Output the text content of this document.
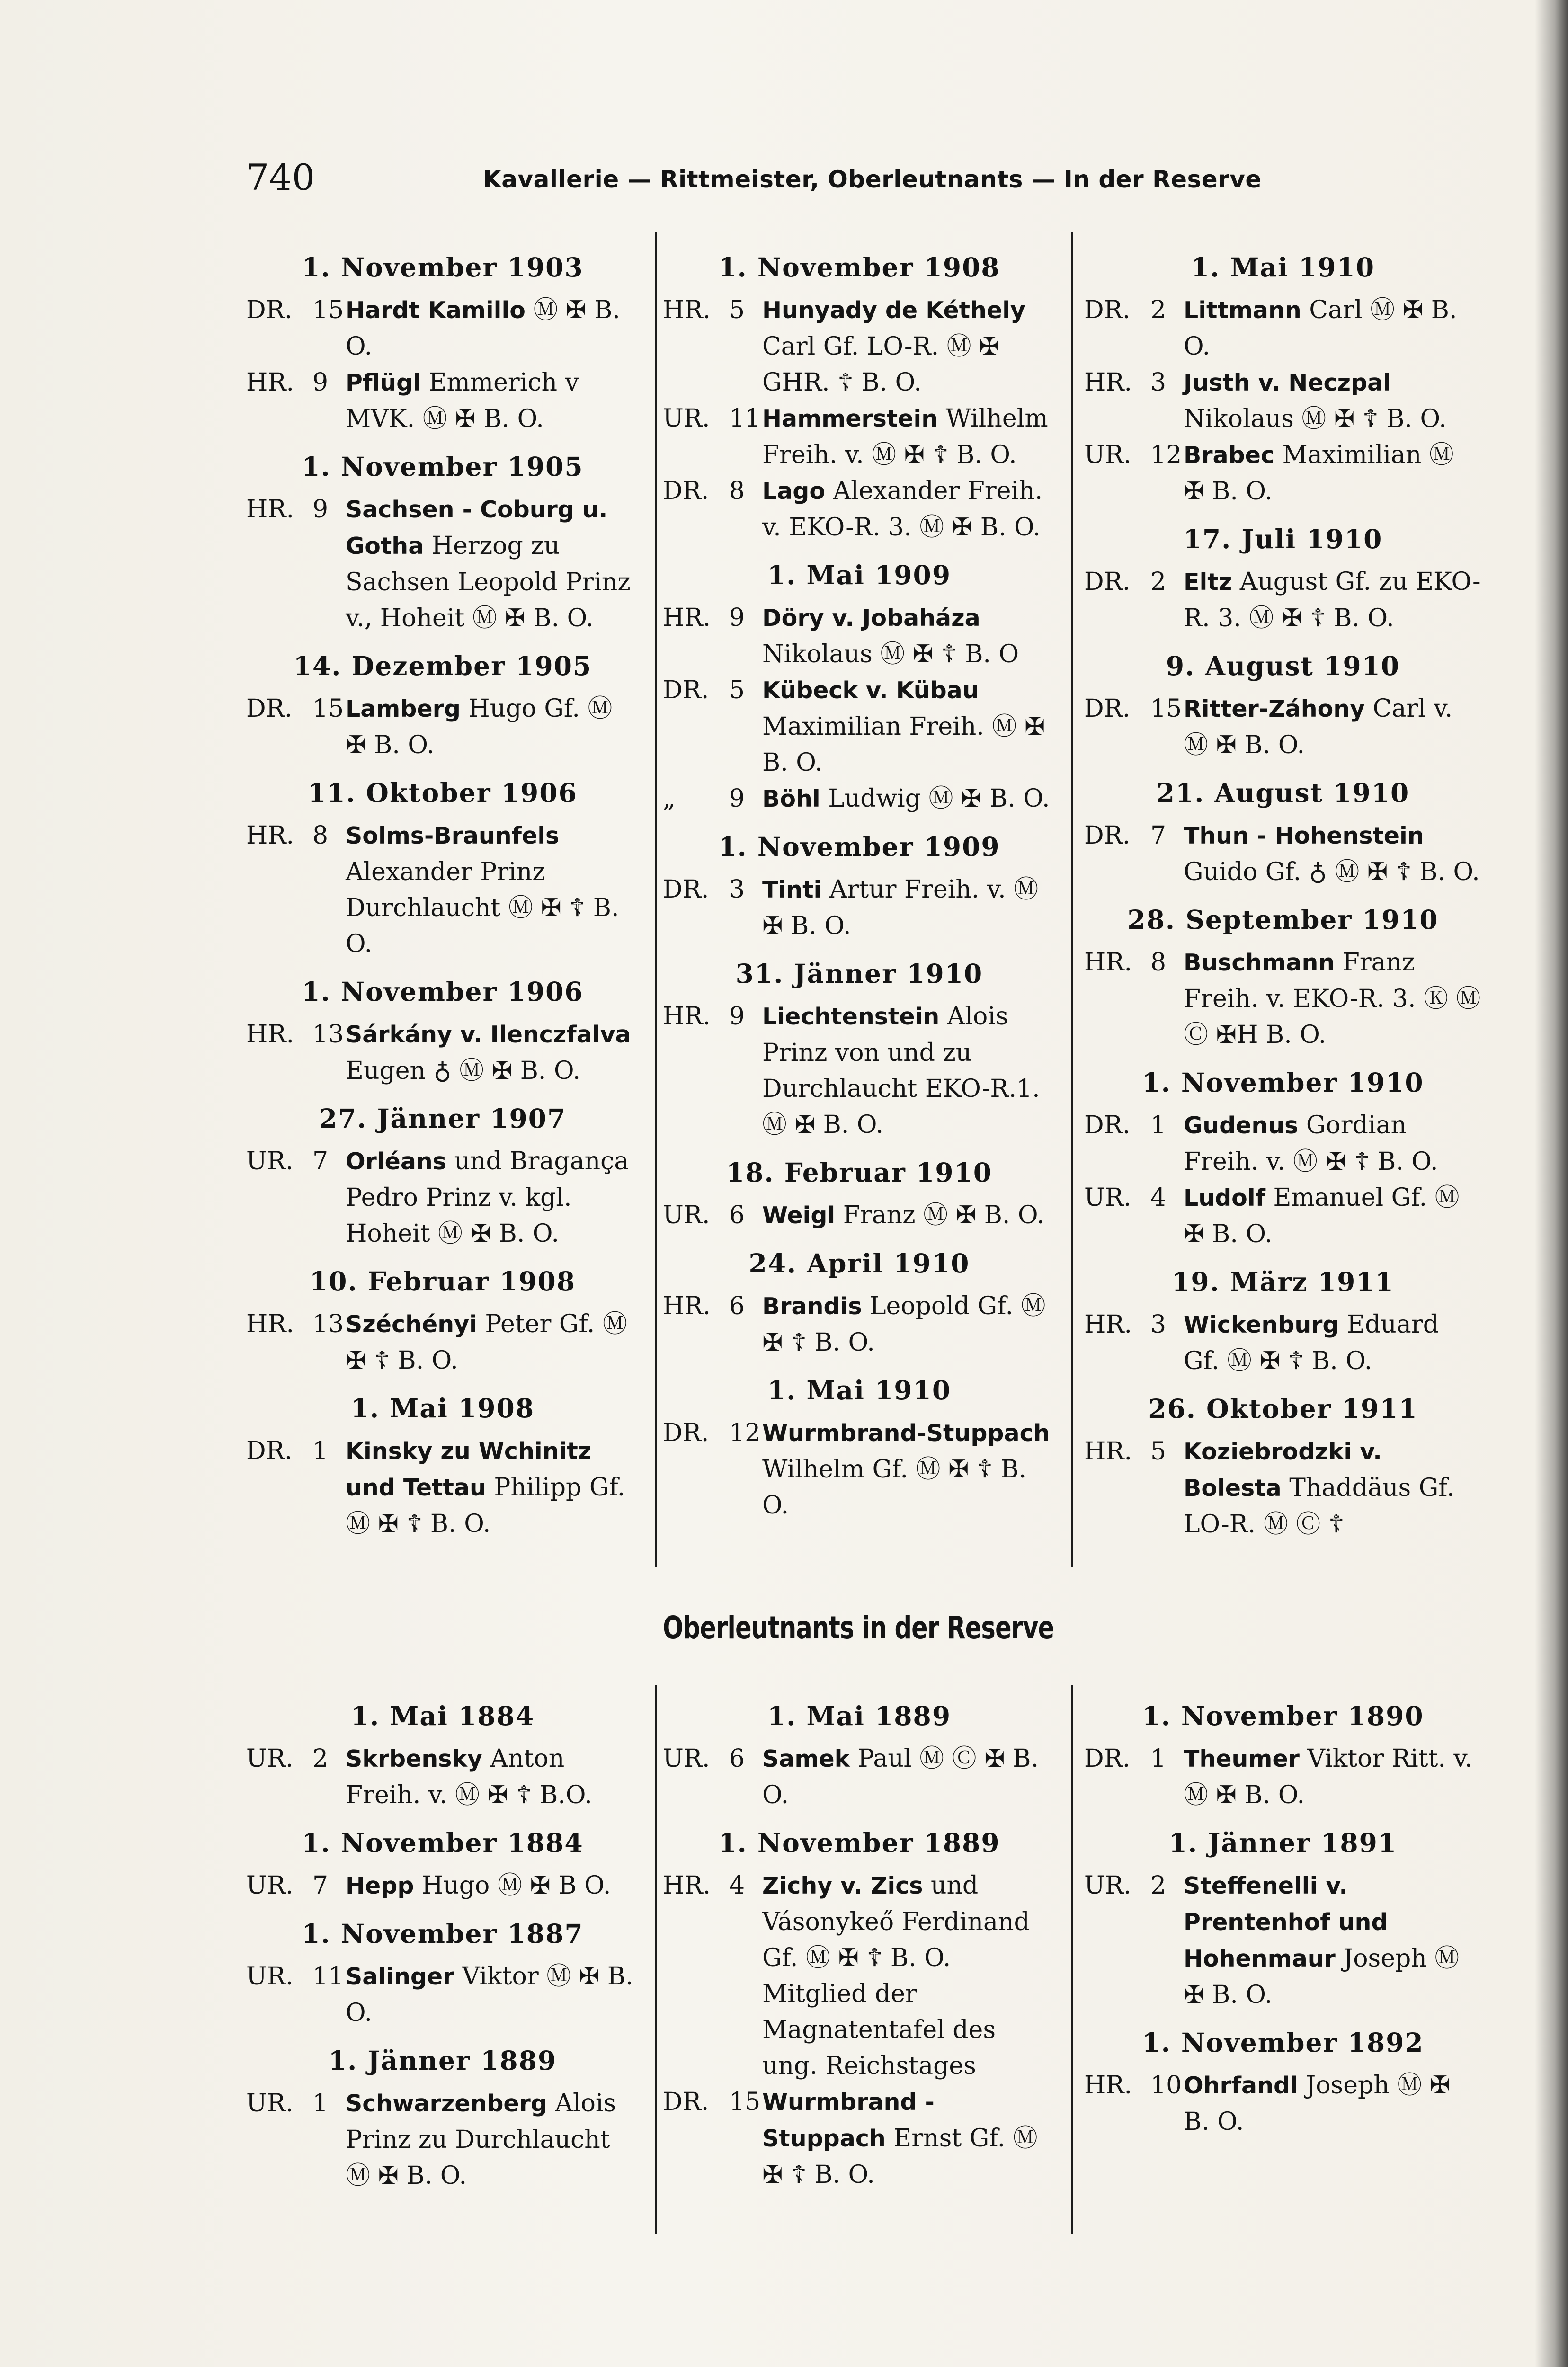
740	Kavallerie — Rittmeister, Oberleutnants — In der Reserve
1. November 1903
DR. 15 Hardt Kamillo Ⓜ ✠ B. O.
HR. 9 Pflügl Emmerich v MVK. Ⓜ ✠ B. O.
1. November 1905
HR. 9 Sachsen - Coburg u. Gotha Herzog zu Sachsen Leopold Prinz v., Hoheit Ⓜ ✠ B. O.
14. Dezember 1905
DR. 15 Lamberg Hugo Gf. Ⓜ ✠ B. O.
11. Oktober 1906
HR. 8 Solms-Braunfels Alexander Prinz Durchlaucht Ⓜ ✠ ☦ B. O.
1. November 1906
HR. 13 Sárkány v. Ilenczfalva Eugen ♁ Ⓜ ✠ B. O.
27. Jänner 1907
UR. 7 Orléans und Bragança Pedro Prinz v. kgl. Hoheit Ⓜ ✠ B. O.
10. Februar 1908
HR. 13 Széchényi Peter Gf. Ⓜ ✠ ☦ B. O.
1. Mai 1908
DR. 1 Kinsky zu Wchinitz und Tettau Philipp Gf. Ⓜ ✠ ☦ B. O.
1. November 1908
HR. 5 Hunyady de Kéthely Carl Gf. LO-R. Ⓜ ✠ GHR. ☦ B. O.
UR. 11 Hammerstein Wilhelm Freih. v. Ⓜ ✠ ☦ B. O.
DR. 8 Lago Alexander Freih. v. EKO-R. 3. Ⓜ ✠ B. O.
1. Mai 1909
HR. 9 Döry v. Jobaháza Nikolaus Ⓜ ✠ ☦ B. O
DR. 5 Kübeck v. Kübau Maximilian Freih. Ⓜ ✠ B. O.
„	9 Böhl Ludwig Ⓜ ✠ B. O.
1. November 1909
DR. 3 Tinti Artur Freih. v. Ⓜ ✠ B. O.
31. Jänner 1910
HR. 9 Liechtenstein Alois Prinz von und zu Durchlaucht EKO-R.1. Ⓜ ✠ B. O.
18. Februar 1910
UR. 6 Weigl Franz Ⓜ ✠ B. O.
24. April 1910
HR. 6 Brandis Leopold Gf. Ⓜ ✠ ☦ B. O.
1. Mai 1910
DR. 12 Wurmbrand-Stuppach Wilhelm Gf. Ⓜ ✠ ☦ B. O.
1. Mai 1910
DR. 2 Littmann Carl Ⓜ ✠ B. O.
HR. 3 Justh v. Neczpal Nikolaus Ⓜ ✠ ☦ B. O.
UR. 12 Brabec Maximilian Ⓜ ✠ B. O.
17. Juli 1910
DR. 2 Eltz August Gf. zu EKO-R. 3. Ⓜ ✠ ☦ B. O.
9. August 1910
DR. 15 Ritter-Záhony Carl v. Ⓜ ✠ B. O.
21. August 1910
DR. 7 Thun - Hohenstein Guido Gf. ♁ Ⓜ ✠ ☦ B. O.
28. September 1910
HR. 8 Buschmann Franz Freih. v. EKO-R. 3. Ⓚ Ⓜ Ⓒ ✠H B. O.
1. November 1910
DR. 1 Gudenus Gordian Freih. v. Ⓜ ✠ ☦ B. O.
UR. 4 Ludolf Emanuel Gf. Ⓜ ✠ B. O.
19. März 1911
HR. 3 Wickenburg Eduard Gf. Ⓜ ✠ ☦ B. O.
26. Oktober 1911
HR. 5 Koziebrodzki v. Bolesta Thaddäus Gf. LO-R. Ⓜ Ⓒ ☦
Oberleutnants in der Reserve
1. Mai 1884
UR. 2 Skrbensky Anton Freih. v. Ⓜ ✠ ☦ B.O.
1. November 1884
UR. 7 Hepp Hugo Ⓜ ✠ B O.
1. November 1887
UR. 11 Salinger Viktor Ⓜ ✠ B. O.
1. Jänner 1889
UR. 1 Schwarzenberg Alois Prinz zu Durchlaucht Ⓜ ✠ B. O.
1. Mai 1889
UR. 6 Samek Paul Ⓜ Ⓒ ✠ B. O.
1. November 1889
HR. 4 Zichy v. Zics und Vásonykeő Ferdinand Gf. Ⓜ ✠ ☦ B. O. Mitglied der Magnatentafel des ung. Reichstages
DR. 15 Wurmbrand - Stuppach Ernst Gf. Ⓜ ✠ ☦ B. O.
1. November 1890
DR. 1 Theumer Viktor Ritt. v. Ⓜ ✠ B. O.
1. Jänner 1891
UR. 2 Steffenelli v. Prentenhof und Hohenmaur Joseph Ⓜ ✠ B. O.
1. November 1892
HR. 10 Ohrfandl Joseph Ⓜ ✠ B. O.
